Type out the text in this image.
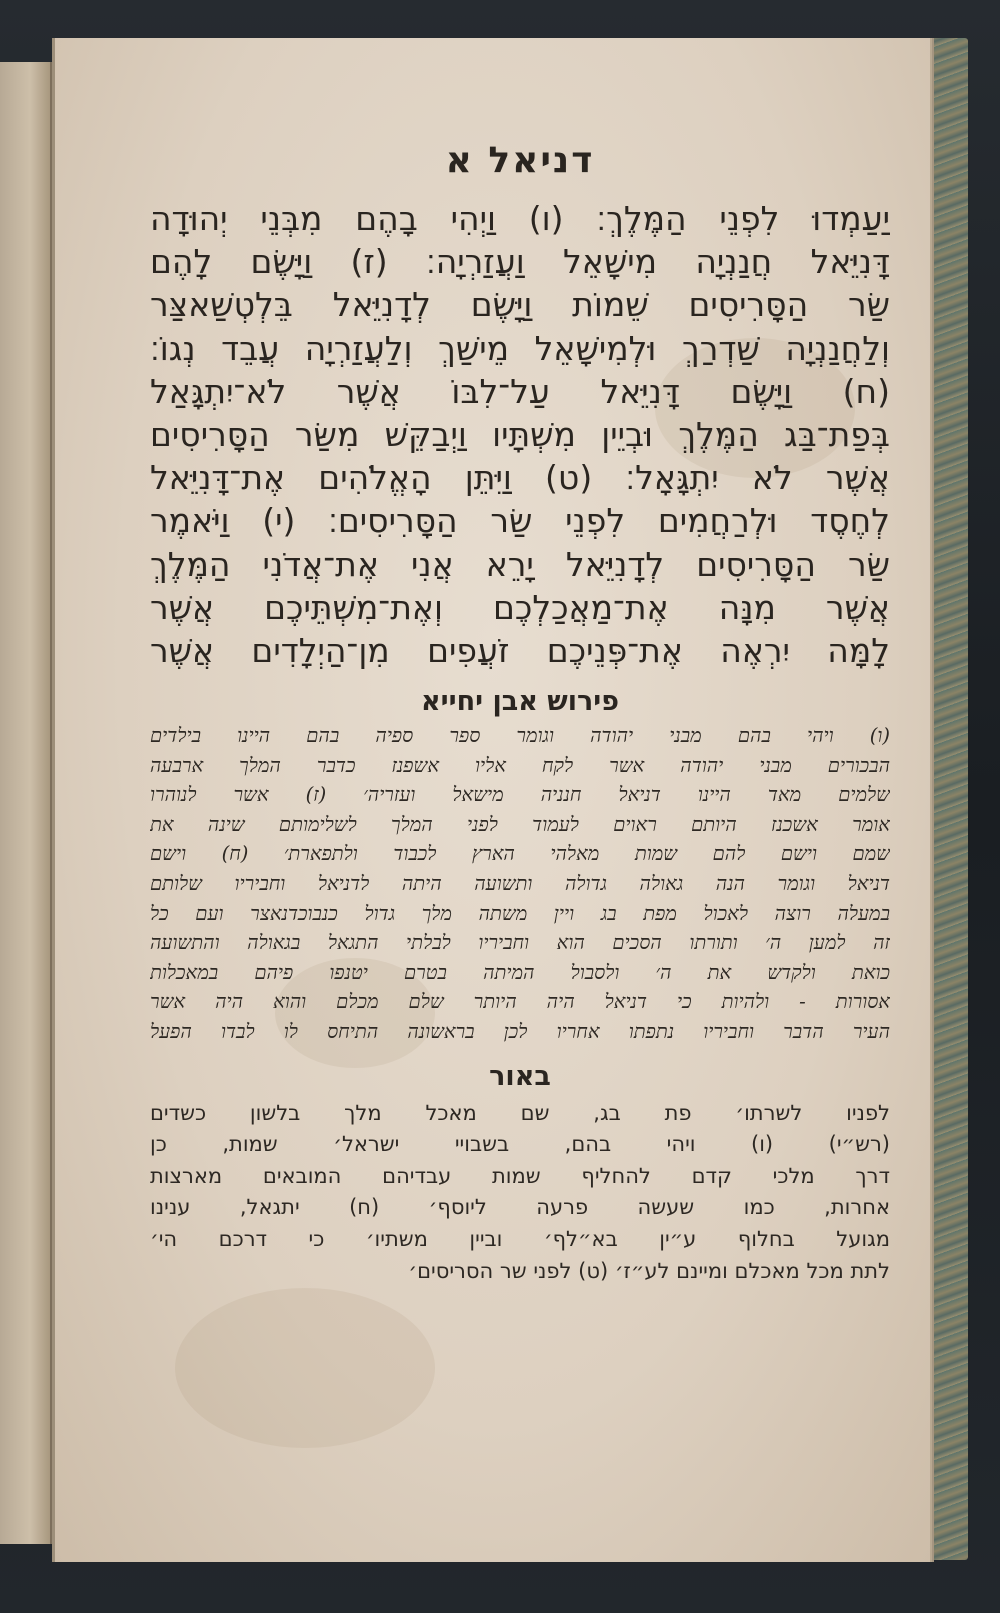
דניאל א
יַעַמְדוּ לִפְנֵי הַמֶּלֶךְ׃ (ו) וַיְהִי בָהֶם מִבְּנֵי יְהוּדָה
דָּנִיֵּאל חֲנַנְיָה מִישָׁאֵל וַעֲזַרְיָה׃ (ז) וַיָּשֶׂם לָהֶם
שַׂר הַסָּרִיסִים שֵׁמוֹת וַיָּשֶׂם לְדָנִיֵּאל בֵּלְטְשַׁאצַּר
וְלַחֲנַנְיָה שַׁדְרַךְ וּלְמִישָׁאֵל מֵישַׁךְ וְלַעֲזַרְיָה עֲבֵד נְגוֹ׃
(ח) וַיָּשֶׂם דָּנִיֵּאל עַל־לִבּוֹ אֲשֶׁר לֹא־יִתְגָּאַל
בְּפַת־בַּג הַמֶּלֶךְ וּבְיֵין מִשְׁתָּיו וַיְבַקֵּשׁ מִשַּׂר הַסָּרִיסִים
אֲשֶׁר לֹא יִתְגָּאָל׃ (ט) וַיִּתֵּן הָאֱלֹהִים אֶת־דָּנִיֵּאל
לְחֶסֶד וּלְרַחֲמִים לִפְנֵי שַׂר הַסָּרִיסִים׃ (י) וַיֹּאמֶר
שַׂר הַסָּרִיסִים לְדָנִיֵּאל יָרֵא אֲנִי אֶת־אֲדֹנִי הַמֶּלֶךְ
אֲשֶׁר מִנָּה אֶת־מַאֲכַלְכֶם וְאֶת־מִשְׁתֵּיכֶם אֲשֶׁר
לָמָּה יִרְאֶה אֶת־פְּנֵיכֶם זֹעֲפִים מִן־הַיְלָדִים אֲשֶׁר
פירוש אבן יחייא
(ו) ויהי בהם מבני יהודה וגומר ספר ספיה בהם היינו בילדים
הבכורים מבני יהודה אשר לקח אליו אשפנז כדבר המלך ארבעה
שלמים מאד היינו דניאל חנניה מישאל ועזריה׳ (ז) אשר לנוהרו
אומר אשכנז היותם ראוים לעמוד לפני המלך לשלימותם שינה את
שמם וישם להם שמות מאלהי הארץ לכבוד ולתפארת׳ (ח) וישם
דניאל וגומר הנה גאולה גדולה ותשועה היתה לדניאל וחביריו שלותם
במעלה רוצה לאכול מפת בג ויין משתה מלך גדול כנבוכדנאצר ועם כל
זה למען ה׳ ותורתו הסכים הוא וחביריו לבלתי התגאל בגאולה והתשועה
כואת ולקדש את ה׳ ולסבול המיתה בטרם יטנפו פיהם במאכלות
אסורות - ולהיות כי דניאל היה היותר שלם מכלם והוא היה אשר
העיר הדבר וחביריו נתפתו אחריו לכן בראשונה התיחס לו לבדו הפעל
באור
לפניו לשרתו׳ פת בג, שם מאכל מלך בלשון כשדים
(רש״י) (ו) ויהי בהם, בשבויי ישראל׳ שמות, כן
דרך מלכי קדם להחליף שמות עבדיהם המובאים מארצות
אחרות, כמו שעשה פרעה ליוסף׳ (ח) יתגאל, ענינו
מגועל בחלוף ע״ין בא״לף׳ וביין משתיו׳ כי דרכם הי׳
לתת מכל מאכלם ומיינם לע״ז׳ (ט) לפני שר הסריסים׳
